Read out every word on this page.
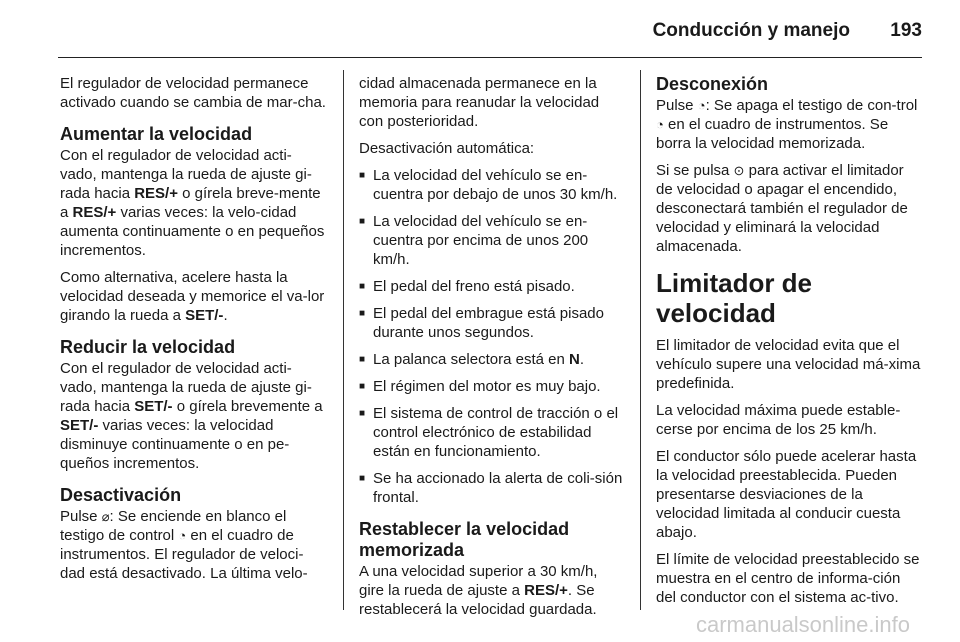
Conducción y manejo 193

El regulador de velocidad permanece activado cuando se cambia de mar-cha.

Aumentar la velocidad

Con el regulador de velocidad acti-vado, mantenga la rueda de ajuste gi-rada hacia RES/+ o gírela breve-mente a RES/+ varias veces: la velo-cidad aumenta continuamente o en pequeños incrementos.

Como alternativa, acelere hasta la velocidad deseada y memorice el va-lor girando la rueda a SET/-.

Reducir la velocidad

Con el regulador de velocidad acti-vado, mantenga la rueda de ajuste gi-rada hacia SET/- o gírela brevemente a SET/- varias veces: la velocidad disminuye continuamente o en pe-queños incrementos.

Desactivación

Pulse ⌀: Se enciende en blanco el testigo de control ◔ en el cuadro de instrumentos. El regulador de veloci-dad está desactivado. La última velo-

cidad almacenada permanece en la memoria para reanudar la velocidad con posterioridad.

Desactivación automática:

■ La velocidad del vehículo se en-cuentra por debajo de unos 30 km/h.
■ La velocidad del vehículo se en-cuentra por encima de unos 200 km/h.
■ El pedal del freno está pisado.
■ El pedal del embrague está pisado durante unos segundos.
■ La palanca selectora está en N.
■ El régimen del motor es muy bajo.
■ El sistema de control de tracción o el control electrónico de estabilidad están en funcionamiento.
■ Se ha accionado la alerta de coli-sión frontal.
Restablecer la velocidad memorizada

A una velocidad superior a 30 km/h, gire la rueda de ajuste a RES/+. Se restablecerá la velocidad guardada.

Desconexión

Pulse ◔: Se apaga el testigo de con-trol ◔ en el cuadro de instrumentos. Se borra la velocidad memorizada.

Si se pulsa ⊙ para activar el limitador de velocidad o apagar el encendido, desconectará también el regulador de velocidad y eliminará la velocidad almacenada.

Limitador de velocidad

El limitador de velocidad evita que el vehículo supere una velocidad má-xima predefinida.

La velocidad máxima puede estable-cerse por encima de los 25 km/h.

El conductor sólo puede acelerar hasta la velocidad preestablecida. Pueden presentarse desviaciones de la velocidad limitada al conducir cuesta abajo.

El límite de velocidad preestablecido se muestra en el centro de informa-ción del conductor con el sistema ac-tivo.

carmanualsonline.info
